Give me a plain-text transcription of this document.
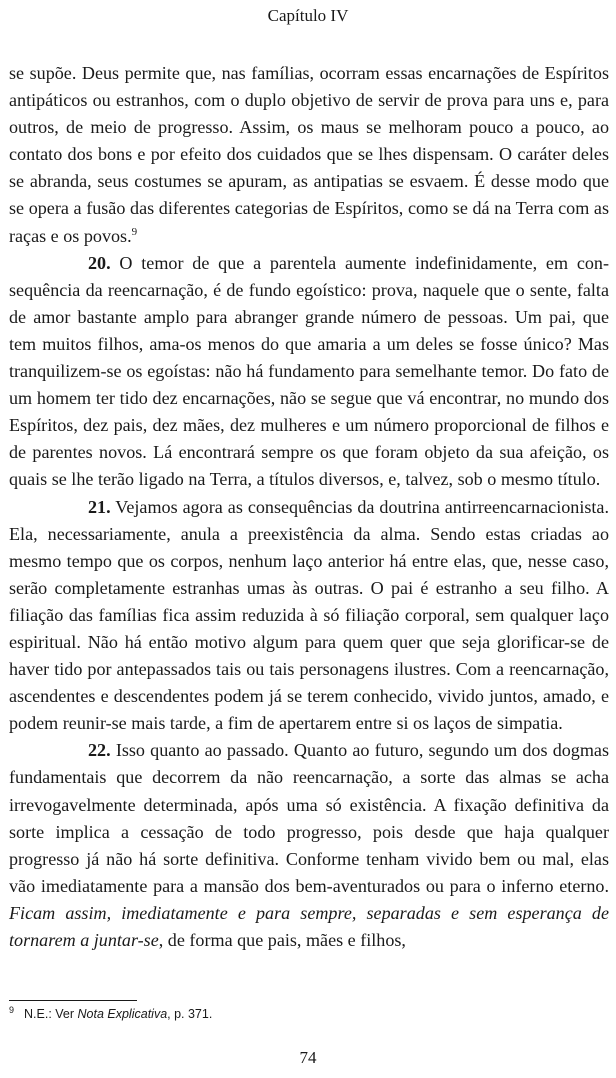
Capítulo IV

se supõe. Deus permite que, nas famílias, ocorram essas encarnações de Espíritos antipáticos ou estranhos, com o duplo objetivo de servir de prova para uns e, para outros, de meio de progresso. Assim, os maus se melhoram pouco a pouco, ao contato dos bons e por efeito dos cuidados que se lhes dispensam. O caráter deles se abranda, seus costumes se apuram, as antipatias se esvaem. É desse modo que se opera a fusão das diferentes categorias de Espíritos, como se dá na Terra com as raças e os povos.$^9$

20. O temor de que a parentela aumente indefinidamente, em consequência da reencarnação, é de fundo egoístico: prova, naquele que o sente, falta de amor bastante amplo para abranger grande número de pessoas. Um pai, que tem muitos filhos, ama-os menos do que amaria a um deles se fosse único? Mas tranquilizem-se os egoístas: não há fundamento para semelhante temor. Do fato de um homem ter tido dez encarnações, não se segue que vá encontrar, no mundo dos Espíritos, dez pais, dez mães, dez mulheres e um número proporcional de filhos e de parentes novos. Lá encontrará sempre os que foram objeto da sua afeição, os quais se lhe terão ligado na Terra, a títulos diversos, e, talvez, sob o mesmo título.

21. Vejamos agora as consequências da doutrina antirreencarnacionista. Ela, necessariamente, anula a preexistência da alma. Sendo estas criadas ao mesmo tempo que os corpos, nenhum laço anterior há entre elas, que, nesse caso, serão completamente estranhas umas às outras. O pai é estranho a seu filho. A filiação das famílias fica assim reduzida à só filiação corporal, sem qualquer laço espiritual. Não há então motivo algum para quem quer que seja glorificar-se de haver tido por antepassados tais ou tais personagens ilustres. Com a reencarnação, ascendentes e descendentes podem já se terem conhecido, vivido juntos, amado, e podem reunir-se mais tarde, a fim de apertarem entre si os laços de simpatia.

22. Isso quanto ao passado. Quanto ao futuro, segundo um dos dogmas fundamentais que decorrem da não reencarnação, a sorte das almas se acha irrevogavelmente determinada, após uma só existência. A fixação definitiva da sorte implica a cessação de todo progresso, pois desde que haja qualquer progresso já não há sorte definitiva. Conforme tenham vivido bem ou mal, elas vão imediatamente para a mansão dos bem-aventurados ou para o inferno eterno. Ficam assim, imediatamente e para sempre, separadas e sem esperança de tornarem a juntar-se, de forma que pais, mães e filhos,

$^9$ N.E.: Ver Nota Explicativa, p. 371.
74
